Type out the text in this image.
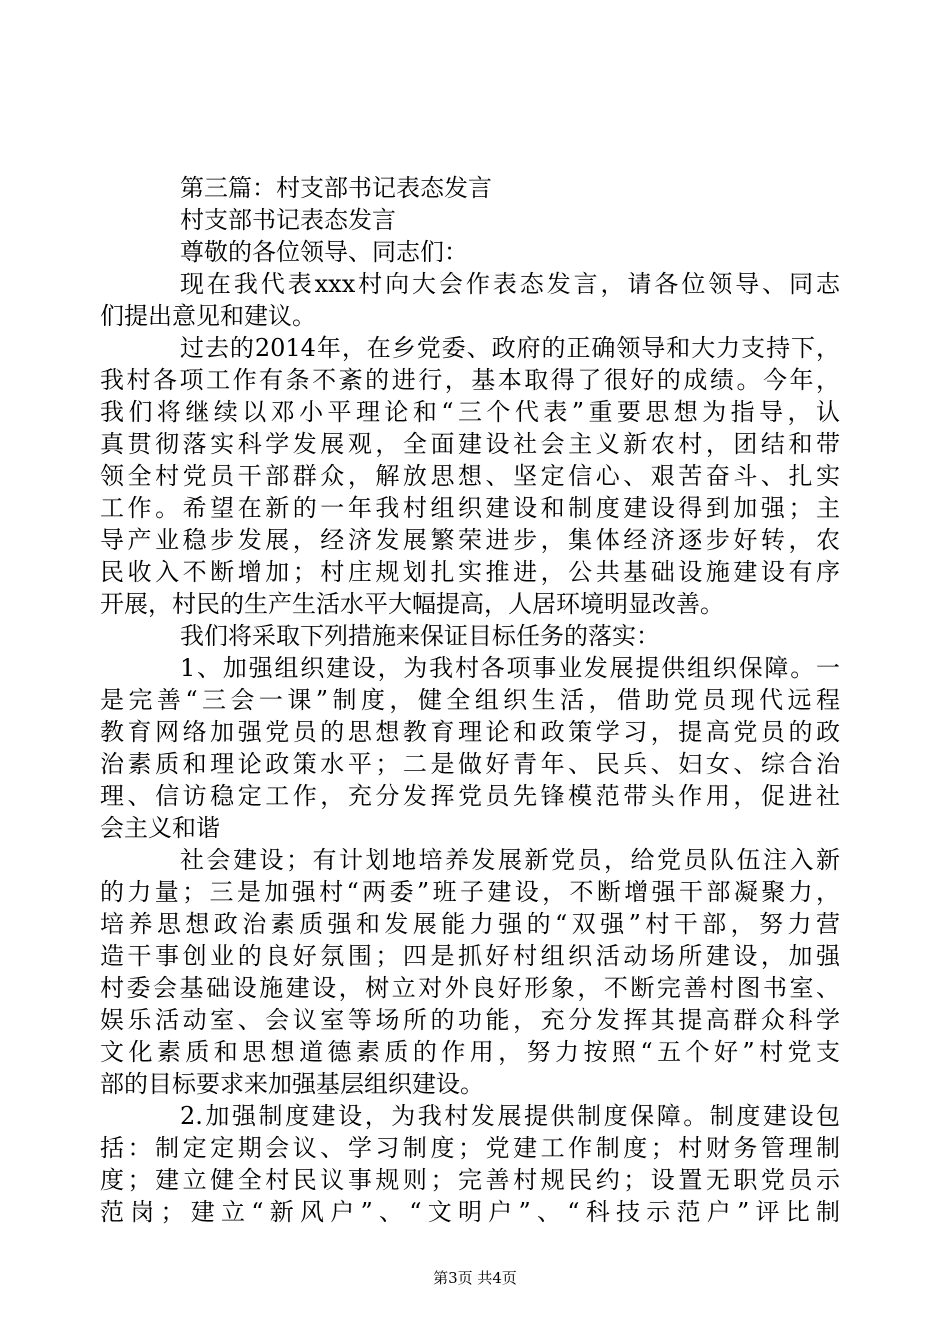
第三篇：村支部书记表态发言
村支部书记表态发言
尊敬的各位领导、同志们：
现在我代表xxx村向大会作表态发言，请各位领导、同志
们提出意见和建议。
过去的2014年，在乡党委、政府的正确领导和大力支持下，
我村各项工作有条不紊的进行，基本取得了很好的成绩。今年，
我们将继续以邓小平理论和“三个代表”重要思想为指导，认
真贯彻落实科学发展观，全面建设社会主义新农村，团结和带
领全村党员干部群众，解放思想、坚定信心、艰苦奋斗、扎实
工作。希望在新的一年我村组织建设和制度建设得到加强；主
导产业稳步发展，经济发展繁荣进步，集体经济逐步好转，农
民收入不断增加；村庄规划扎实推进，公共基础设施建设有序
开展，村民的生产生活水平大幅提高，人居环境明显改善。
我们将采取下列措施来保证目标任务的落实：
1、加强组织建设，为我村各项事业发展提供组织保障。一
是完善“三会一课”制度，健全组织生活，借助党员现代远程
教育网络加强党员的思想教育理论和政策学习，提高党员的政
治素质和理论政策水平；二是做好青年、民兵、妇女、综合治
理、信访稳定工作，充分发挥党员先锋模范带头作用，促进社
会主义和谐
社会建设；有计划地培养发展新党员，给党员队伍注入新
的力量；三是加强村“两委”班子建设，不断增强干部凝聚力，
培养思想政治素质强和发展能力强的“双强”村干部，努力营
造干事创业的良好氛围；四是抓好村组织活动场所建设，加强
村委会基础设施建设，树立对外良好形象，不断完善村图书室、
娱乐活动室、会议室等场所的功能，充分发挥其提高群众科学
文化素质和思想道德素质的作用，努力按照“五个好”村党支
部的目标要求来加强基层组织建设。
2.加强制度建设，为我村发展提供制度保障。制度建设包
括：制定定期会议、学习制度；党建工作制度；村财务管理制
度；建立健全村民议事规则；完善村规民约；设置无职党员示
范岗；建立“新风户”、“文明户”、“科技示范户”评比制
第3页 共4页
